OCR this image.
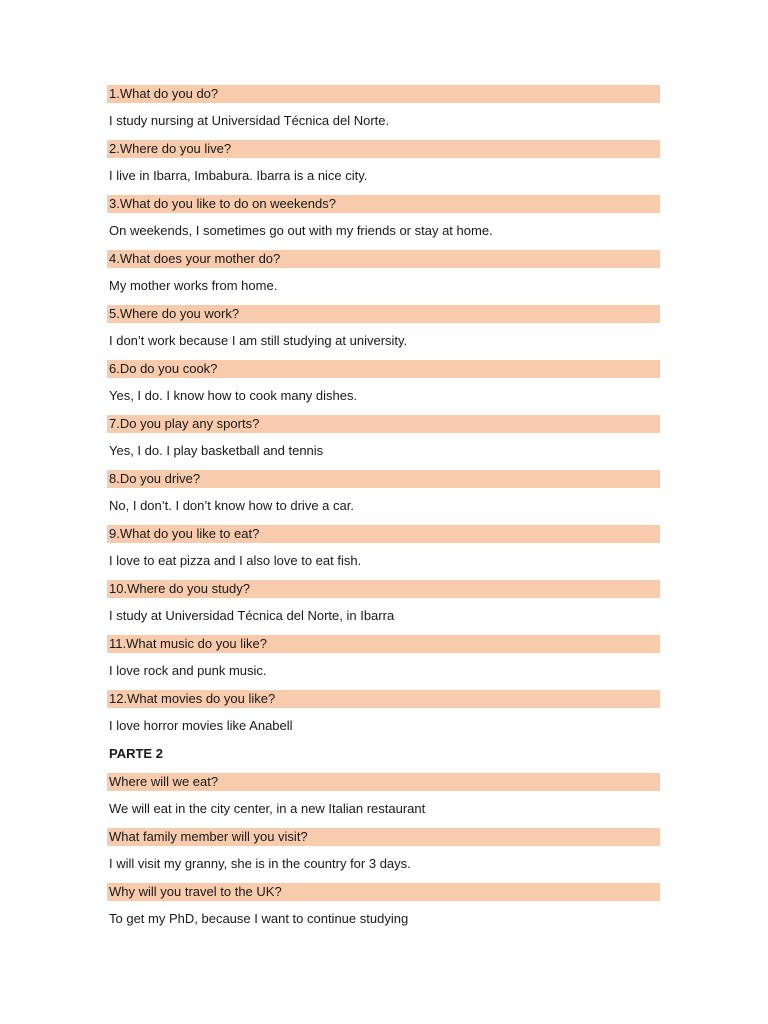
1.What do you do?
I study nursing at Universidad Técnica del Norte.
2.Where do you live?
I live in Ibarra, Imbabura. Ibarra is a nice city.
3.What do you like to do on weekends?
On weekends, I sometimes go out with my friends or stay at home.
4.What does your mother do?
My mother works from home.
5.Where do you work?
I don’t work because I am still studying at university.
6.Do do you cook?
Yes, I do. I know how to cook many dishes.
7.Do you play any sports?
Yes, I do. I play basketball and tennis
8.Do you drive?
No, I don’t. I don’t know how to drive a car.
9.What do you like to eat?
I love to eat pizza and I also love to eat fish.
10.Where do you study?
I study at Universidad Técnica del Norte, in Ibarra
11.What music do you like?
I love rock and punk music.
12.What movies do you like?
I love horror movies like Anabell
PARTE 2
Where will we eat?
We will eat in the city center, in a new Italian restaurant
What family member will you visit?
I will visit my granny, she is in the country for 3 days.
Why will you travel to the UK?
To get my PhD, because I want to continue studying
